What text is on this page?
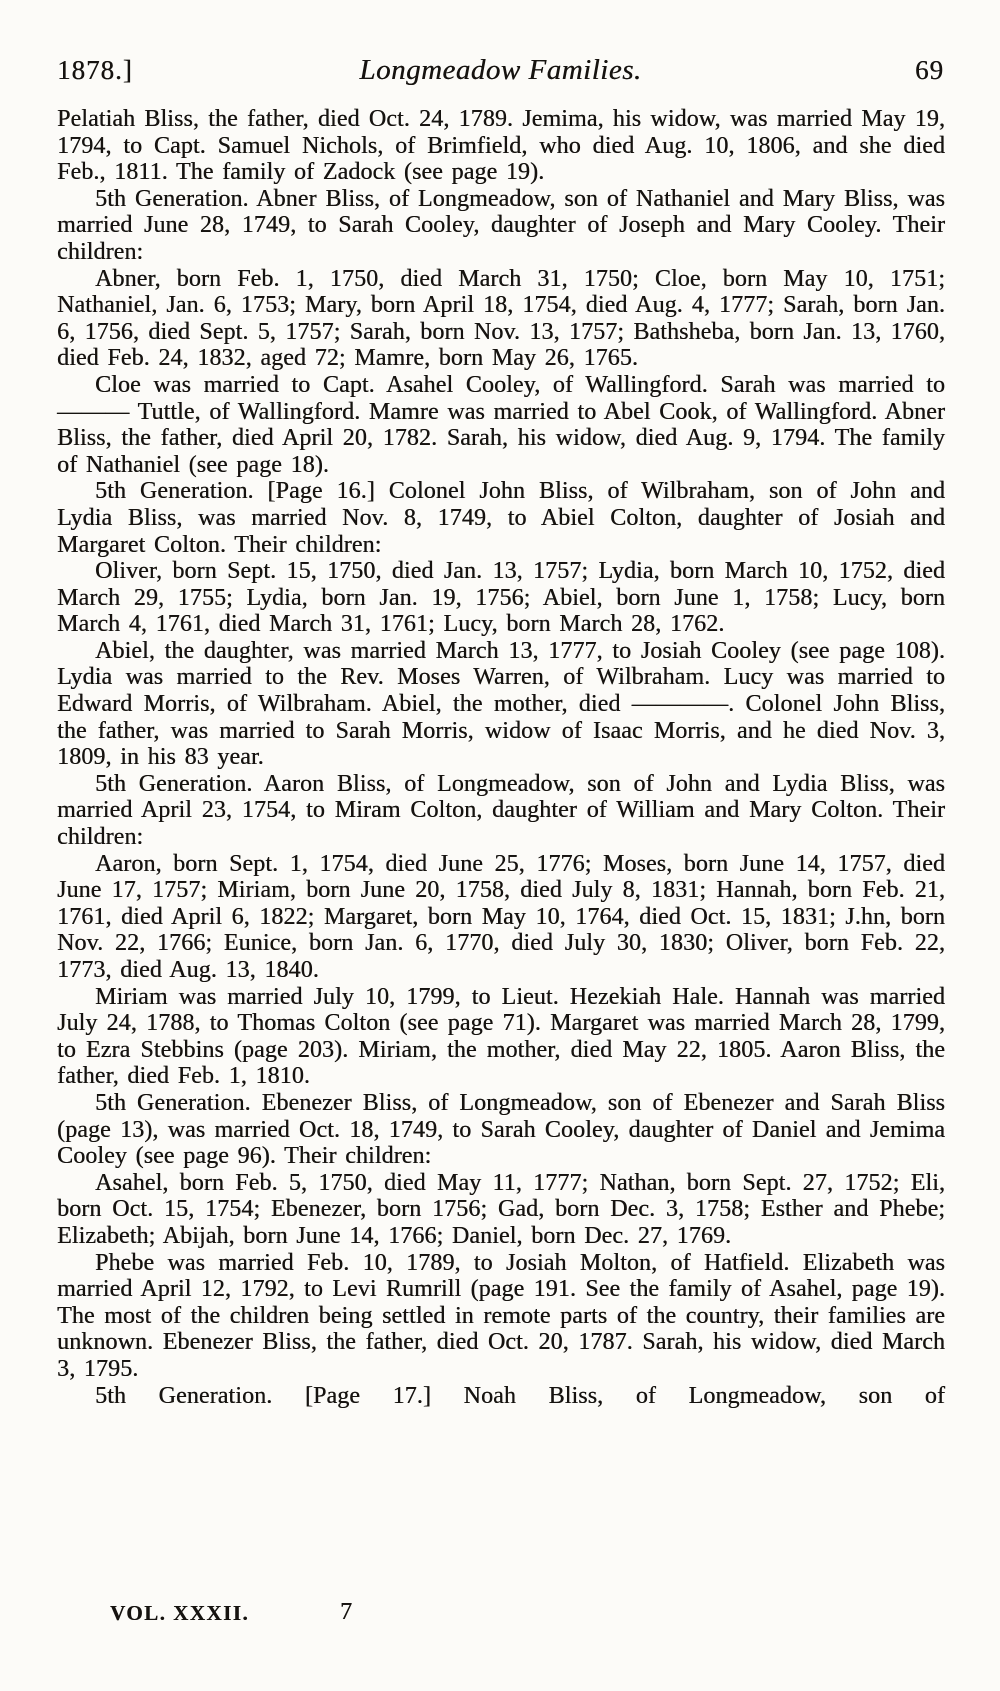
1878.]	Longmeadow Families.	69

Pelatiah Bliss, the father, died Oct. 24, 1789. Jemima, his widow, was married May 19, 1794, to Capt. Samuel Nichols, of Brimfield, who died Aug. 10, 1806, and she died Feb., 1811. The family of Zadock (see page 19).

5th Generation. Abner Bliss, of Longmeadow, son of Nathaniel and Mary Bliss, was married June 28, 1749, to Sarah Cooley, daughter of Joseph and Mary Cooley. Their children:

Abner, born Feb. 1, 1750, died March 31, 1750; Cloe, born May 10, 1751; Nathaniel, Jan. 6, 1753; Mary, born April 18, 1754, died Aug. 4, 1777; Sarah, born Jan. 6, 1756, died Sept. 5, 1757; Sarah, born Nov. 13, 1757; Bathsheba, born Jan. 13, 1760, died Feb. 24, 1832, aged 72; Mamre, born May 26, 1765.

Cloe was married to Capt. Asahel Cooley, of Wallingford. Sarah was married to ——— Tuttle, of Wallingford. Mamre was married to Abel Cook, of Wallingford. Abner Bliss, the father, died April 20, 1782. Sarah, his widow, died Aug. 9, 1794. The family of Nathaniel (see page 18).

5th Generation. [Page 16.] Colonel John Bliss, of Wilbraham, son of John and Lydia Bliss, was married Nov. 8, 1749, to Abiel Colton, daughter of Josiah and Margaret Colton. Their children:

Oliver, born Sept. 15, 1750, died Jan. 13, 1757; Lydia, born March 10, 1752, died March 29, 1755; Lydia, born Jan. 19, 1756; Abiel, born June 1, 1758; Lucy, born March 4, 1761, died March 31, 1761; Lucy, born March 28, 1762.

Abiel, the daughter, was married March 13, 1777, to Josiah Cooley (see page 108). Lydia was married to the Rev. Moses Warren, of Wilbraham. Lucy was married to Edward Morris, of Wilbraham. Abiel, the mother, died ————. Colonel John Bliss, the father, was married to Sarah Morris, widow of Isaac Morris, and he died Nov. 3, 1809, in his 83 year.

5th Generation. Aaron Bliss, of Longmeadow, son of John and Lydia Bliss, was married April 23, 1754, to Miram Colton, daughter of William and Mary Colton. Their children:

Aaron, born Sept. 1, 1754, died June 25, 1776; Moses, born June 14, 1757, died June 17, 1757; Miriam, born June 20, 1758, died July 8, 1831; Hannah, born Feb. 21, 1761, died April 6, 1822; Margaret, born May 10, 1764, died Oct. 15, 1831; J.hn, born Nov. 22, 1766; Eunice, born Jan. 6, 1770, died July 30, 1830; Oliver, born Feb. 22, 1773, died Aug. 13, 1840.

Miriam was married July 10, 1799, to Lieut. Hezekiah Hale. Hannah was married July 24, 1788, to Thomas Colton (see page 71). Margaret was married March 28, 1799, to Ezra Stebbins (page 203). Miriam, the mother, died May 22, 1805. Aaron Bliss, the father, died Feb. 1, 1810.

5th Generation. Ebenezer Bliss, of Longmeadow, son of Ebenezer and Sarah Bliss (page 13), was married Oct. 18, 1749, to Sarah Cooley, daughter of Daniel and Jemima Cooley (see page 96). Their children:

Asahel, born Feb. 5, 1750, died May 11, 1777; Nathan, born Sept. 27, 1752; Eli, born Oct. 15, 1754; Ebenezer, born 1756; Gad, born Dec. 3, 1758; Esther and Phebe; Elizabeth; Abijah, born June 14, 1766; Daniel, born Dec. 27, 1769.

Phebe was married Feb. 10, 1789, to Josiah Molton, of Hatfield. Elizabeth was married April 12, 1792, to Levi Rumrill (page 191. See the family of Asahel, page 19). The most of the children being settled in remote parts of the country, their families are unknown. Ebenezer Bliss, the father, died Oct. 20, 1787. Sarah, his widow, died March 3, 1795.

5th Generation. [Page 17.] Noah Bliss, of Longmeadow, son of

VOL. XXXII.	7
